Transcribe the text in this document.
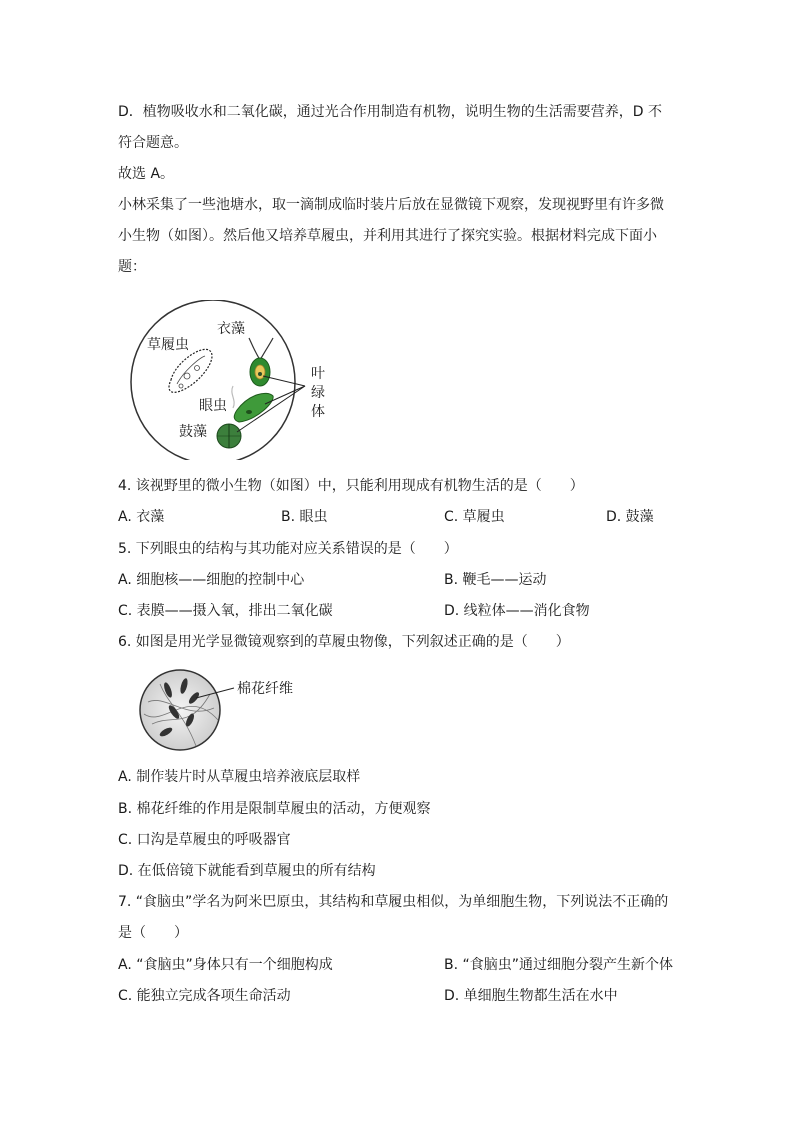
D．植物吸收水和二氧化碳，通过光合作用制造有机物，说明生物的生活需要营养，D 不
符合题意。
故选 A。
小林采集了一些池塘水，取一滴制成临时装片后放在显微镜下观察，发现视野里有许多微
小生物（如图）。然后他又培养草履虫，并利用其进行了探究实验。根据材料完成下面小
题：
草履虫
衣藻
眼虫
鼓藻
叶
绿
体
4. 该视野里的微小生物（如图）中，只能利用现成有机物生活的是（　　）
A. 衣藻	B. 眼虫	C. 草履虫	D. 鼓藻
5. 下列眼虫的结构与其功能对应关系错误的是（　　）
A. 细胞核——细胞的控制中心	B. 鞭毛——运动
C. 表膜——摄入氧，排出二氧化碳	D. 线粒体——消化食物
6. 如图是用光学显微镜观察到的草履虫物像，下列叙述正确的是（　　）
棉花纤维
A. 制作装片时从草履虫培养液底层取样
B. 棉花纤维的作用是限制草履虫的活动，方便观察
C. 口沟是草履虫的呼吸器官
D. 在低倍镜下就能看到草履虫的所有结构
7. “食脑虫”学名为阿米巴原虫，其结构和草履虫相似，为单细胞生物，下列说法不正确的
是（　　）
A. “食脑虫”身体只有一个细胞构成	B. “食脑虫”通过细胞分裂产生新个体
C. 能独立完成各项生命活动	D. 单细胞生物都生活在水中
